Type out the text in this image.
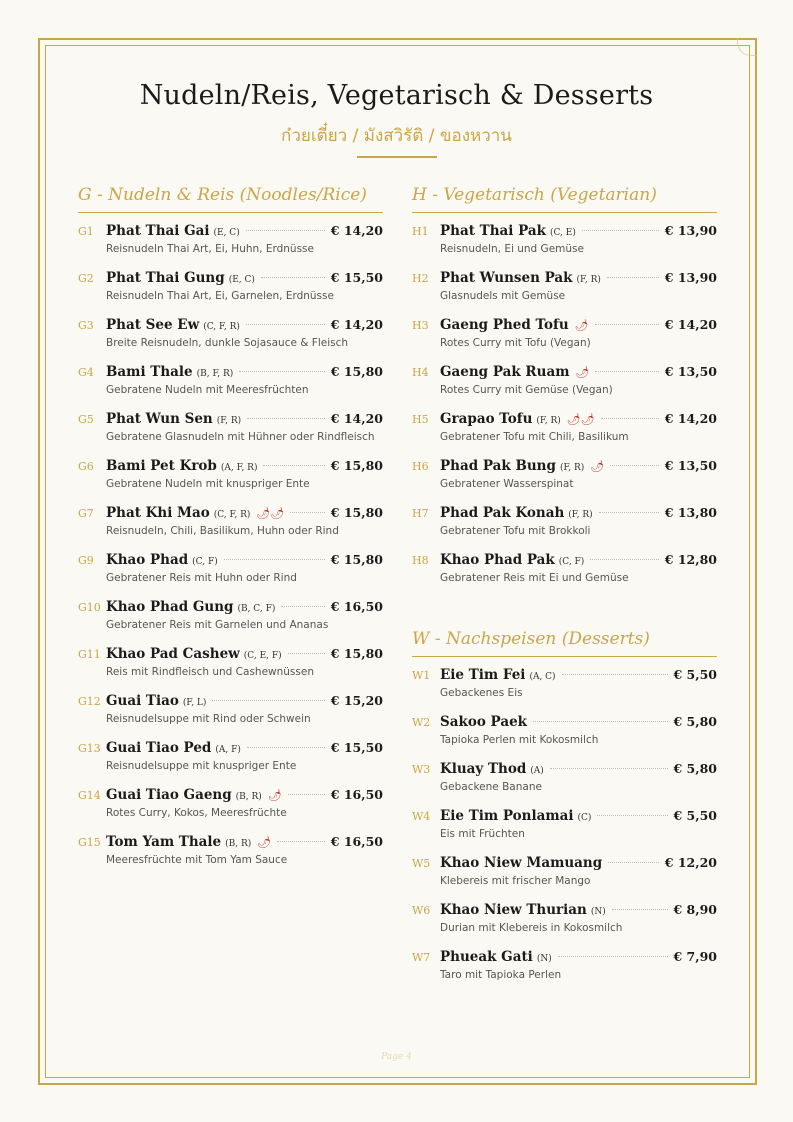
Nudeln/Reis, Vegetarisch & Desserts
ก๋วยเตี๋ยว / มังสวิรัติ / ของหวาน
G - Nudeln & Reis (Noodles/Rice)
G1 Phat Thai Gai (E, C)	€ 14,20
Reisnudeln Thai Art, Ei, Huhn, Erdnüsse
G2 Phat Thai Gung (E, C)	€ 15,50
Reisnudeln Thai Art, Ei, Garnelen, Erdnüsse
G3 Phat See Ew (C, F, R)	€ 14,20
Breite Reisnudeln, dunkle Sojasauce & Fleisch
G4 Bami Thale (B, F, R)	€ 15,80
Gebratene Nudeln mit Meeresfrüchten
G5 Phat Wun Sen (F, R)	€ 14,20
Gebratene Glasnudeln mit Hühner oder Rindfleisch
G6 Bami Pet Krob (A, F, R)	€ 15,80
Gebratene Nudeln mit knuspriger Ente
G7 Phat Khi Mao (C, F, R) 🌶🌶	€ 15,80
Reisnudeln, Chili, Basilikum, Huhn oder Rind
G9 Khao Phad (C, F)	€ 15,80
Gebratener Reis mit Huhn oder Rind
G10 Khao Phad Gung (B, C, F)	€ 16,50
Gebratener Reis mit Garnelen und Ananas
G11 Khao Pad Cashew (C, E, F)	€ 15,80
Reis mit Rindfleisch und Cashewnüssen
G12 Guai Tiao (F, L)	€ 15,20
Reisnudelsuppe mit Rind oder Schwein
G13 Guai Tiao Ped (A, F)	€ 15,50
Reisnudelsuppe mit knuspriger Ente
G14 Guai Tiao Gaeng (B, R) 🌶	€ 16,50
Rotes Curry, Kokos, Meeresfrüchte
G15 Tom Yam Thale (B, R) 🌶	€ 16,50
Meeresfrüchte mit Tom Yam Sauce
H - Vegetarisch (Vegetarian)
H1 Phat Thai Pak (C, E)	€ 13,90
Reisnudeln, Ei und Gemüse
H2 Phat Wunsen Pak (F, R)	€ 13,90
Glasnudels mit Gemüse
H3 Gaeng Phed Tofu 🌶	€ 14,20
Rotes Curry mit Tofu (Vegan)
H4 Gaeng Pak Ruam 🌶	€ 13,50
Rotes Curry mit Gemüse (Vegan)
H5 Grapao Tofu (F, R) 🌶🌶	€ 14,20
Gebratener Tofu mit Chili, Basilikum
H6 Phad Pak Bung (F, R) 🌶	€ 13,50
Gebratener Wasserspinat
H7 Phad Pak Konah (F, R)	€ 13,80
Gebratener Tofu mit Brokkoli
H8 Khao Phad Pak (C, F)	€ 12,80
Gebratener Reis mit Ei und Gemüse
W - Nachspeisen (Desserts)
W1 Eie Tim Fei (A, C)	€ 5,50
Gebackenes Eis
W2 Sakoo Paek	€ 5,80
Tapioka Perlen mit Kokosmilch
W3 Kluay Thod (A)	€ 5,80
Gebackene Banane
W4 Eie Tim Ponlamai (C)	€ 5,50
Eis mit Früchten
W5 Khao Niew Mamuang	€ 12,20
Klebereis mit frischer Mango
W6 Khao Niew Thurian (N)	€ 8,90
Durian mit Klebereis in Kokosmilch
W7 Phueak Gati (N)	€ 7,90
Taro mit Tapioka Perlen
Page 4
